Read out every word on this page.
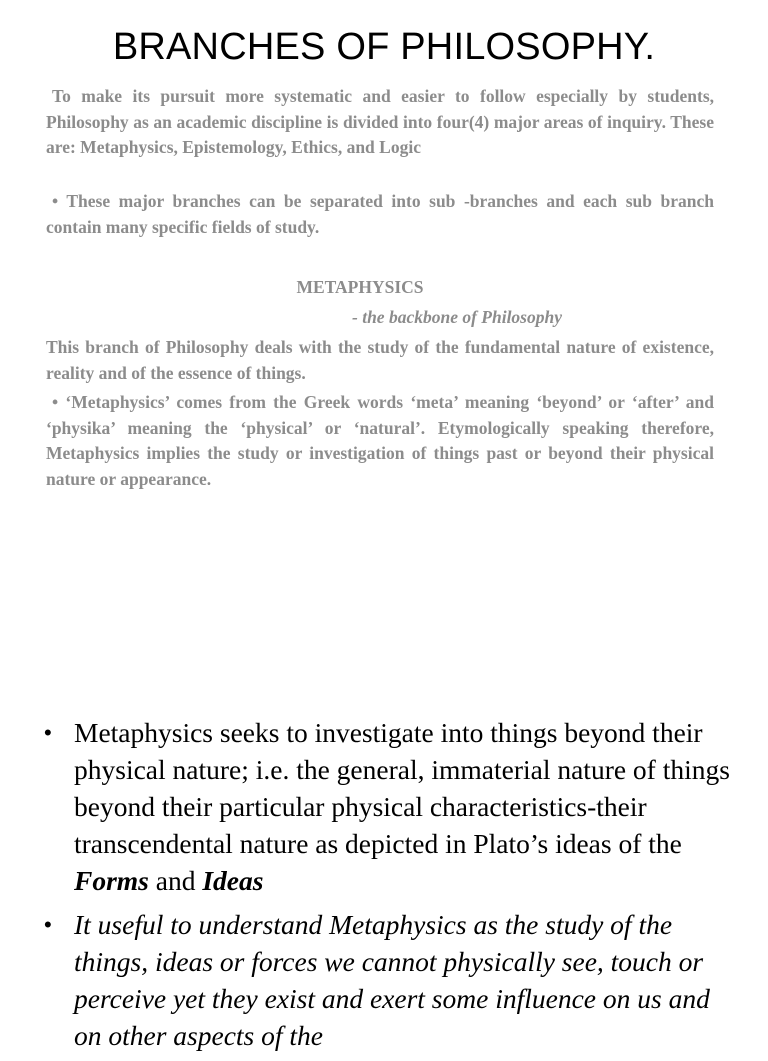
BRANCHES OF PHILOSOPHY.

To make its pursuit more systematic and easier to follow especially by students, Philosophy as an academic discipline is divided into four(4) major areas of inquiry. These are: Metaphysics, Epistemology, Ethics, and Logic

• These major branches can be separated into sub -branches and each sub branch contain many specific fields of study.

METAPHYSICS

- the backbone of Philosophy

This branch of Philosophy deals with the study of the fundamental nature of existence, reality and of the essence of things.

• ‘Metaphysics’ comes from the Greek words ‘meta’ meaning ‘beyond’ or ‘after’ and ‘physika’ meaning the ‘physical’ or ‘natural’. Etymologically speaking therefore, Metaphysics implies the study or investigation of things past or beyond their physical nature or appearance.

• Metaphysics seeks to investigate into things beyond their physical nature; i.e. the general, immaterial nature of things beyond their particular physical characteristics-their transcendental nature as depicted in Plato’s ideas of the Forms and Ideas
• It useful to understand Metaphysics as the study of the things, ideas or forces we cannot physically see, touch or perceive yet they exist and exert some influence on us and on other aspects of the
